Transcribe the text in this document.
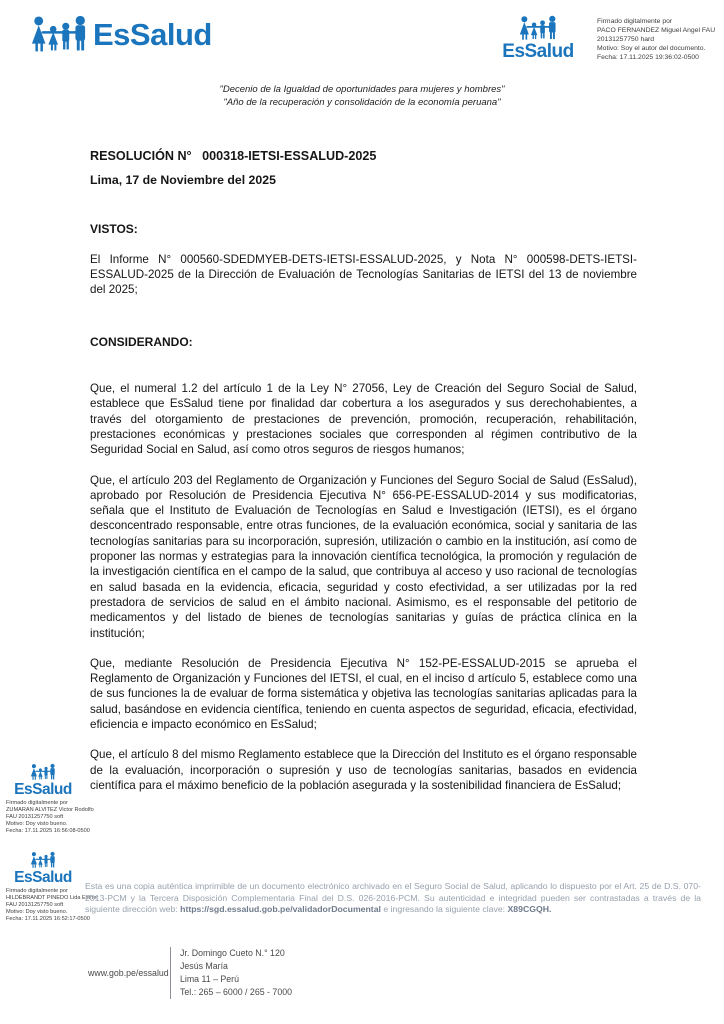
EsSalud	EsSalud
Firmado digitalmente por
PACO FERNANDEZ Miguel Angel FAU
20131257750 hard
Motivo: Soy el autor del documento.
Fecha: 17.11.2025 19:36:02-0500
"Decenio de la Igualdad de oportunidades para mujeres y hombres"
"Año de la recuperación y consolidación de la economía peruana"
RESOLUCIÓN N°   000318-IETSI-ESSALUD-2025
Lima, 17 de Noviembre del 2025
VISTOS:
El Informe N° 000560-SDEDMYEB-DETS-IETSI-ESSALUD-2025, y Nota N° 000598-DETS-IETSI-ESSALUD-2025 de la Dirección de Evaluación de Tecnologías Sanitarias de IETSI del 13 de noviembre del 2025;
CONSIDERANDO:
Que, el numeral 1.2 del artículo 1 de la Ley N° 27056, Ley de Creación del Seguro Social de Salud, establece que EsSalud tiene por finalidad dar cobertura a los asegurados y sus derechohabientes, a través del otorgamiento de prestaciones de prevención, promoción, recuperación, rehabilitación, prestaciones económicas y prestaciones sociales que corresponden al régimen contributivo de la Seguridad Social en Salud, así como otros seguros de riesgos humanos;
Que, el artículo 203 del Reglamento de Organización y Funciones del Seguro Social de Salud (EsSalud), aprobado por Resolución de Presidencia Ejecutiva N° 656-PE-ESSALUD-2014 y sus modificatorias, señala que el Instituto de Evaluación de Tecnologías en Salud e Investigación (IETSI), es el órgano desconcentrado responsable, entre otras funciones, de la evaluación económica, social y sanitaria de las tecnologías sanitarias para su incorporación, supresión, utilización o cambio en la institución, así como de proponer las normas y estrategias para la innovación científica tecnológica, la promoción y regulación de la investigación científica en el campo de la salud, que contribuya al acceso y uso racional de tecnologías en salud basada en la evidencia, eficacia, seguridad y costo efectividad, a ser utilizadas por la red prestadora de servicios de salud en el ámbito nacional. Asimismo, es el responsable del petitorio de medicamentos y del listado de bienes de tecnologías sanitarias y guías de práctica clínica en la institución;
Que, mediante Resolución de Presidencia Ejecutiva N° 152-PE-ESSALUD-2015 se aprueba el Reglamento de Organización y Funciones del IETSI, el cual, en el inciso d artículo 5, establece como una de sus funciones la de evaluar de forma sistemática y objetiva las tecnologías sanitarias aplicadas para la salud, basándose en evidencia científica, teniendo en cuenta aspectos de seguridad, eficacia, efectividad, eficiencia e impacto económico en EsSalud;
Que, el artículo 8 del mismo Reglamento establece que la Dirección del Instituto es el órgano responsable de la evaluación, incorporación o supresión y uso de tecnologías sanitarias, basados en evidencia científica para el máximo beneficio de la población asegurada y la sostenibilidad financiera de EsSalud;
EsSalud
Firmado digitalmente por
ZUMARAN ALVITEZ Victor Rodolfo
FAU 20131257750 soft
Motivo: Doy visto bueno.
Fecha: 17.11.2025 16:56:08-0500
EsSalud
Firmado digitalmente por
HILDEBRANDT PINEDO Lida Esther
FAU 20131257750 soft
Motivo: Doy visto bueno.
Fecha: 17.11.2025 16:52:17-0500
Esta es una copia auténtica imprimible de un documento electrónico archivado en el Seguro Social de Salud, aplicando lo dispuesto por el Art. 25 de D.S. 070-2013-PCM y la Tercera Disposición Complementaria Final del D.S. 026-2016-PCM. Su autenticidad e integridad pueden ser contrastadas a través de la siguiente dirección web: https://sgd.essalud.gob.pe/validadorDocumental e ingresando la siguiente clave: X89CGQH.
www.gob.pe/essalud
Jr. Domingo Cueto N.° 120
Jesús María
Lima 11 – Perú
Tel.: 265 – 6000 / 265 - 7000
